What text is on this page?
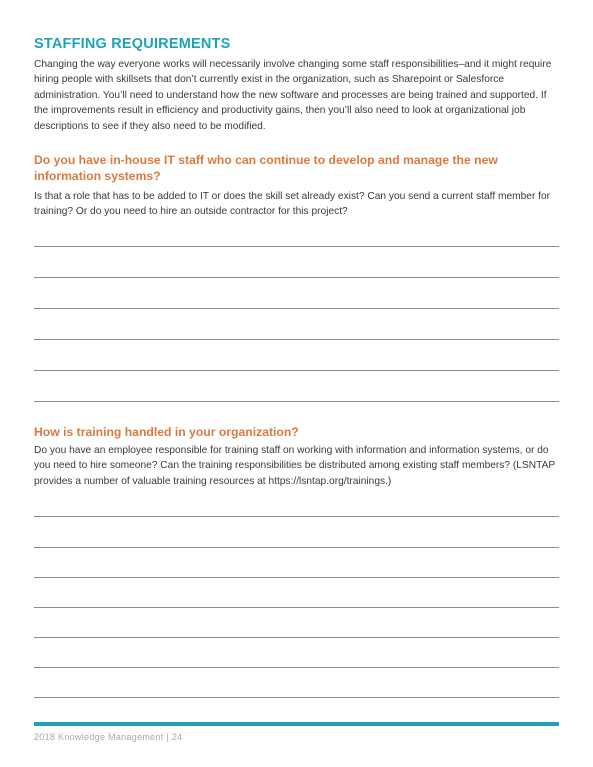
STAFFING REQUIREMENTS

Changing the way everyone works will necessarily involve changing some staff responsibilities–and it might require hiring people with skillsets that don’t currently exist in the organization, such as Sharepoint or Salesforce administration. You’ll need to understand how the new software and processes are being trained and supported. If the improvements result in efficiency and productivity gains, then you’ll also need to look at organizational job descriptions to see if they also need to be modified.

Do you have in-house IT staff who can continue to develop and manage the new information systems?

Is that a role that has to be added to IT or does the skill set already exist? Can you send a current staff member for training? Or do you need to hire an outside contractor for this project?

How is training handled in your organization?

Do you have an employee responsible for training staff on working with information and information systems, or do you need to hire someone? Can the training responsibilities be distributed among existing staff members? (LSNTAP provides a number of valuable training resources at https://lsntap.org/trainings.)

2018 Knowledge Management | 24
